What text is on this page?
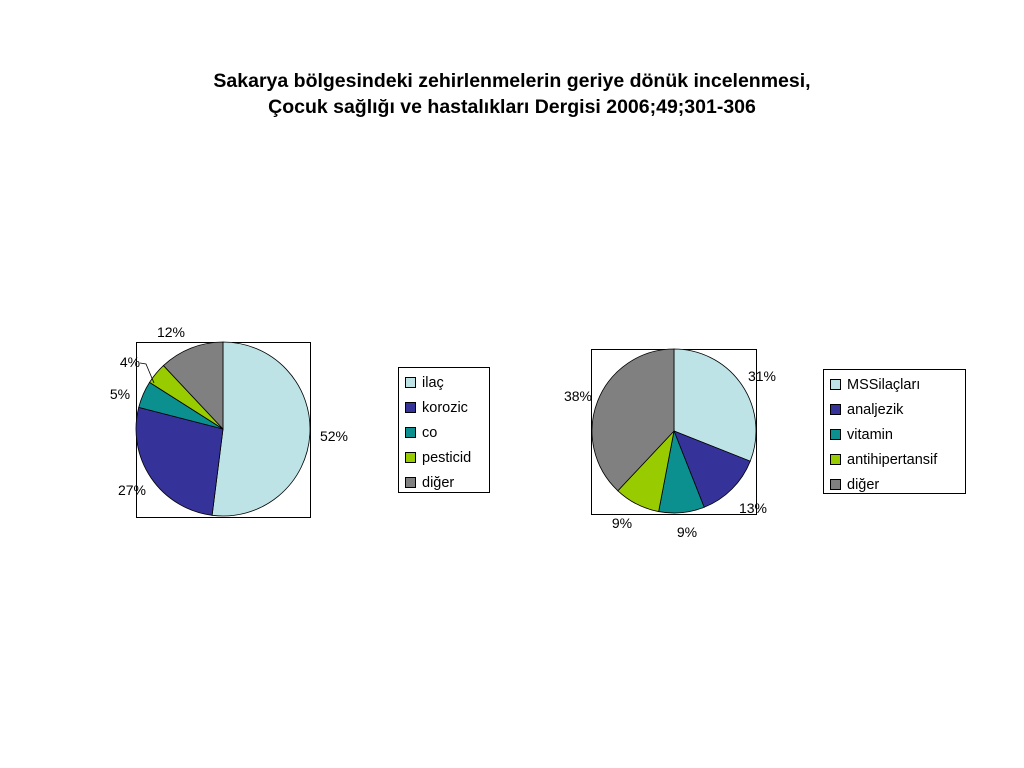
Sakarya bölgesindeki zehirlenmelerin geriye dönük incelenmesi,
Çocuk sağlığı ve hastalıkları Dergisi 2006;49;301-306
52%
27%
5%
4%
12%
ilaç
korozic
co
pesticid
diğer
31%
13%
9%
9%
38%
MSSilaçları
analjezik
vitamin
antihipertansif
diğer
